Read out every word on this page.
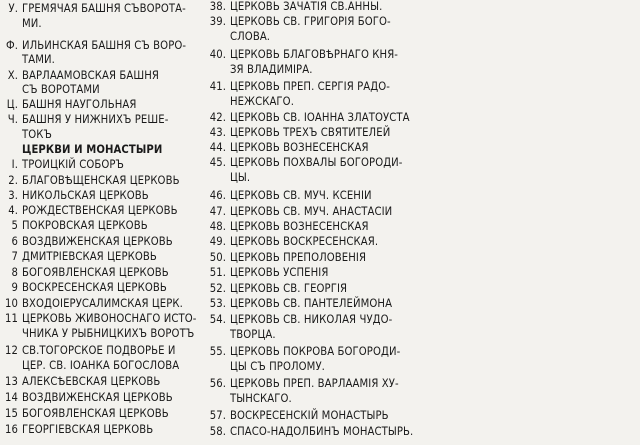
У. ГРЕМЯЧАЯ БАШНЯ СЪВОРОТА-
МИ.
Ф. ИЛЬИНСКАЯ БАШНЯ СЪ ВОРО-
ТАМИ.
Х. ВАРЛААМОВСКАЯ БАШНЯ
СЪ ВОРОТАМИ
Ц. БАШНЯ НАУГОЛЬНАЯ
Ч. БАШНЯ У НИЖНИХЪ РЕШЕ-
ТОКЪ
ЦЕРКВИ И МОНАСТЫРИ
І. ТРОИЦКІЙ СОБОРЪ
2. БЛАГОВѢЩЕНСКАЯ ЦЕРКОВЬ
3. НИКОЛЬСКАЯ ЦЕРКОВЬ
4. РОЖДЕСТВЕНСКАЯ ЦЕРКОВЬ
5 ПОКРОВСКАЯ ЦЕРКОВЬ
6 ВОЗДВИЖЕНСКАЯ ЦЕРКОВЬ
7 ДМИТРІЕВСКАЯ ЦЕРКОВЬ
8 БОГОЯВЛЕНСКАЯ ЦЕРКОВЬ
9 ВОСКРЕСЕНСКАЯ ЦЕРКОВЬ
10 ВХОДОІЕРУСАЛИМСКАЯ ЦЕРК.
11 ЦЕРКОВЬ ЖИВОНОСНАГО ИСТО-
ЧНИКА У РЫБНИЦКИХЪ ВОРОТЪ
12 СВ.ТОГОРСКОЕ ПОДВОРЬЕ И
ЦЕР. СВ. ІОАНКА БОГОСЛОВА
13 АЛЕКСѢЕВСКАЯ ЦЕРКОВЬ
14 ВОЗДВИЖЕНСКАЯ ЦЕРКОВЬ
15 БОГОЯВЛЕНСКАЯ ЦЕРКОВЬ
16 ГЕОРГІЕВСКАЯ ЦЕРКОВЬ
38. ЦЕРКОВЬ ЗАЧАТІЯ СВ.АННЫ.
39. ЦЕРКОВЬ СВ. ГРИГОРІЯ БОГО-
СЛОВА.
40. ЦЕРКОВЬ БЛАГОВѢРНАГО КНЯ-
ЗЯ ВЛАДИМІРА.
41. ЦЕРКОВЬ ПРЕП. СЕРГІЯ РАДО-
НЕЖСКАГО.
42. ЦЕРКОВЬ СВ. ІОАННА ЗЛАТОУСТА
43. ЦЕРКОВЬ ТРЕХЪ СВЯТИТЕЛЕЙ
44. ЦЕРКОВЬ ВОЗНЕСЕНСКАЯ
45. ЦЕРКОВЬ ПОХВАЛЫ БОГОРОДИ-
ЦЫ.
46. ЦЕРКОВЬ СВ. МУЧ. КСЕНІИ
47. ЦЕРКОВЬ СВ. МУЧ. АНАСТАСІИ
48. ЦЕРКОВЬ ВОЗНЕСЕНСКАЯ
49. ЦЕРКОВЬ ВОСКРЕСЕНСКАЯ.
50. ЦЕРКОВЬ ПРЕПОЛОВЕНІЯ
51. ЦЕРКОВЬ УСПЕНІЯ
52. ЦЕРКОВЬ СВ. ГЕОРГІЯ
53. ЦЕРКОВЬ СВ. ПАНТЕЛЕЙМОНА
54. ЦЕРКОВЬ СВ. НИКОЛАЯ ЧУДО-
ТВОРЦА.
55. ЦЕРКОВЬ ПОКРОВА БОГОРОДИ-
ЦЫ СЪ ПРОЛОМУ.
56. ЦЕРКОВЬ ПРЕП. ВАРЛААМІЯ ХУ-
ТЫНСКАГО.
57. ВОСКРЕСЕНСКІЙ МОНАСТЫРЬ
58. СПАСО-НАДОЛБИНЪ МОНАСТЫРЬ.
